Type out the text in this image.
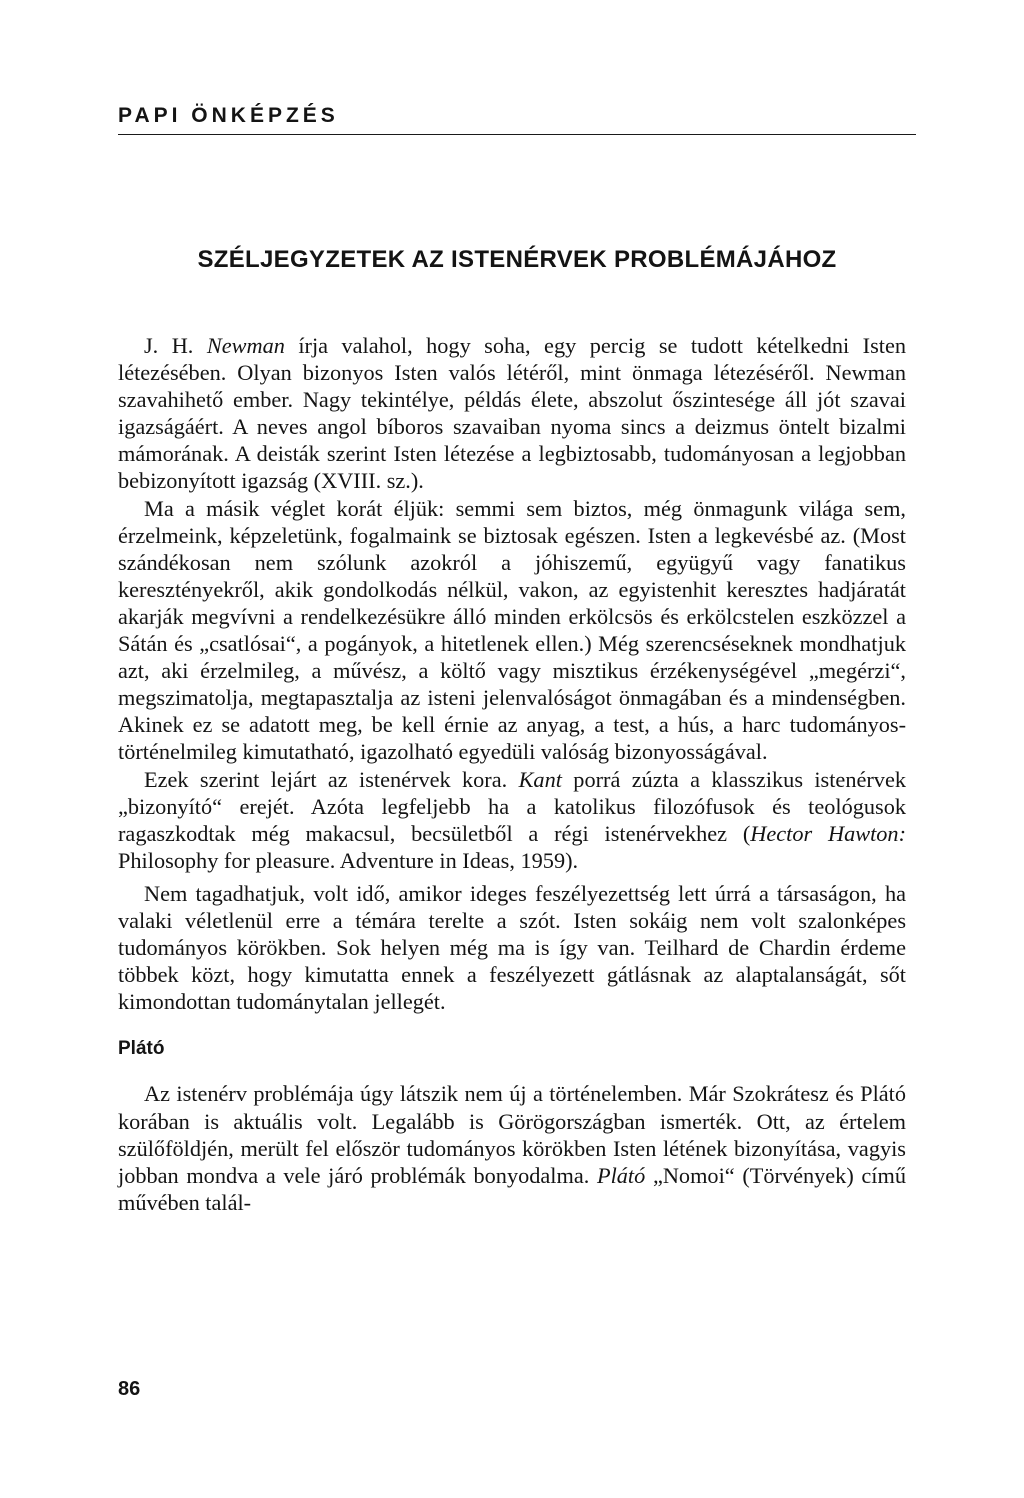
PAPI ÖNKÉPZÉS
SZÉLJEGYZETEK AZ ISTENÉRVEK PROBLÉMÁJÁHOZ

J. H. Newman írja valahol, hogy soha, egy percig se tudott kételkedni Isten létezésében. Olyan bizonyos Isten valós létéről, mint önmaga létezéséről. Newman szavahihető ember. Nagy tekintélye, példás élete, abszolut őszintesége áll jót szavai igazságáért. A neves angol bíboros szavaiban nyoma sincs a deizmus öntelt bizalmi mámorának. A deisták szerint Isten létezése a legbiztosabb, tudományosan a legjobban bebizonyított igazság (XVIII. sz.).

Ma a másik véglet korát éljük: semmi sem biztos, még önmagunk világa sem, érzelmeink, képzeletünk, fogalmaink se biztosak egészen. Isten a legkevésbé az. (Most szándékosan nem szólunk azokról a jóhiszemű, együgyű vagy fanatikus keresztényekről, akik gondolkodás nélkül, vakon, az egyistenhit keresztes hadjáratát akarják megvívni a rendelkezésükre álló minden erkölcsös és erkölcstelen eszközzel a Sátán és „csatlósai“, a pogányok, a hitetlenek ellen.) Még szerencséseknek mondhatjuk azt, aki érzelmileg, a művész, a költő vagy misztikus érzékenységével „megérzi“, megszimatolja, megtapasztalja az isteni jelenvalóságot önmagában és a mindenségben. Akinek ez se adatott meg, be kell érnie az anyag, a test, a hús, a harc tudományos-történelmileg kimutatható, igazolható egyedüli valóság bizonyosságával.

Ezek szerint lejárt az istenérvek kora. Kant porrá zúzta a klasszikus istenérvek „bizonyító“ erejét. Azóta legfeljebb ha a katolikus filozófusok és teológusok ragaszkodtak még makacsul, becsületből a régi istenérvekhez (Hector Hawton: Philosophy for pleasure. Adventure in Ideas, 1959).

Nem tagadhatjuk, volt idő, amikor ideges feszélyezettség lett úrrá a társaságon, ha valaki véletlenül erre a témára terelte a szót. Isten sokáig nem volt szalonképes tudományos körökben. Sok helyen még ma is így van. Teilhard de Chardin érdeme többek közt, hogy kimutatta ennek a feszélyezett gátlásnak az alaptalanságát, sőt kimondottan tudománytalan jellegét.

Plátó

Az istenérv problémája úgy látszik nem új a történelemben. Már Szokrátesz és Plátó korában is aktuális volt. Legalább is Görögországban ismerték. Ott, az értelem szülőföldjén, merült fel először tudományos körökben Isten létének bizonyítása, vagyis jobban mondva a vele járó problémák bonyodalma. Plátó „Nomoi“ (Törvények) című művében talál-

86
